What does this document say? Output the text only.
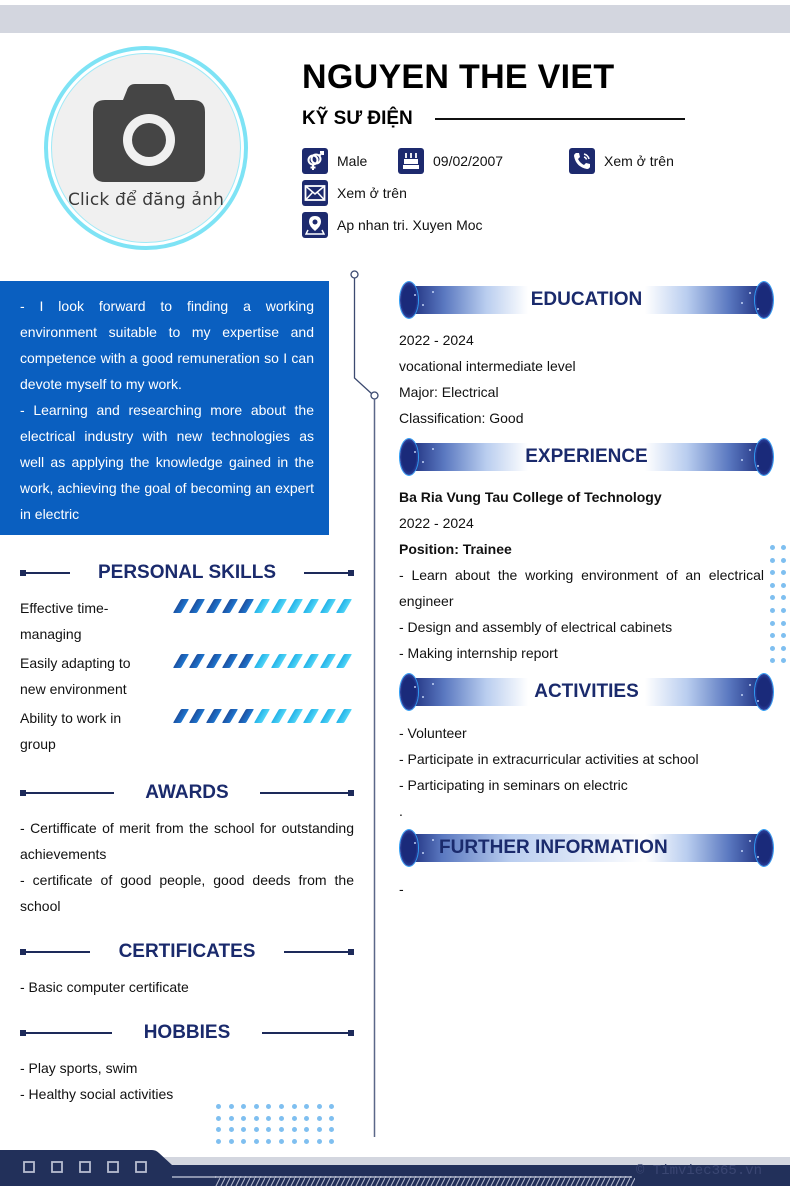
Click để đăng ảnh
NGUYEN THE VIET
KỸ SƯ ĐIỆN
Male	09/02/2007	Xem ở trên
Xem ở trên
Ap nhan tri. Xuyen Moc

- I look forward to finding a working environment suitable to my expertise and competence with a good remuneration so I can devote myself to my work.

- Learning and researching more about the electrical industry with new technologies as well as applying the knowledge gained in the work, achieving the goal of becoming an expert in electric

PERSONAL SKILLS
Effective time-managing
Easily adapting to new environment
Ability to work in group
AWARDS
- Certifficate of merit from the school for outstanding achievements
- certificate of good people, good deeds from the school
CERTIFICATES
- Basic computer certificate
HOBBIES
- Play sports, swim
- Healthy social activities
EDUCATION
2022 - 2024
vocational intermediate level
Major: Electrical
Classification: Good
EXPERIENCE
Ba Ria Vung Tau College of Technology
2022 - 2024
Position: Trainee
- Learn about the working environment of an electrical engineer
- Design and assembly of electrical cabinets
- Making internship report
ACTIVITIES
- Volunteer
- Participate in extracurricular activities at school
- Participating in seminars on electric
.
FURTHER INFORMATION
-
© Timviec365.vn
